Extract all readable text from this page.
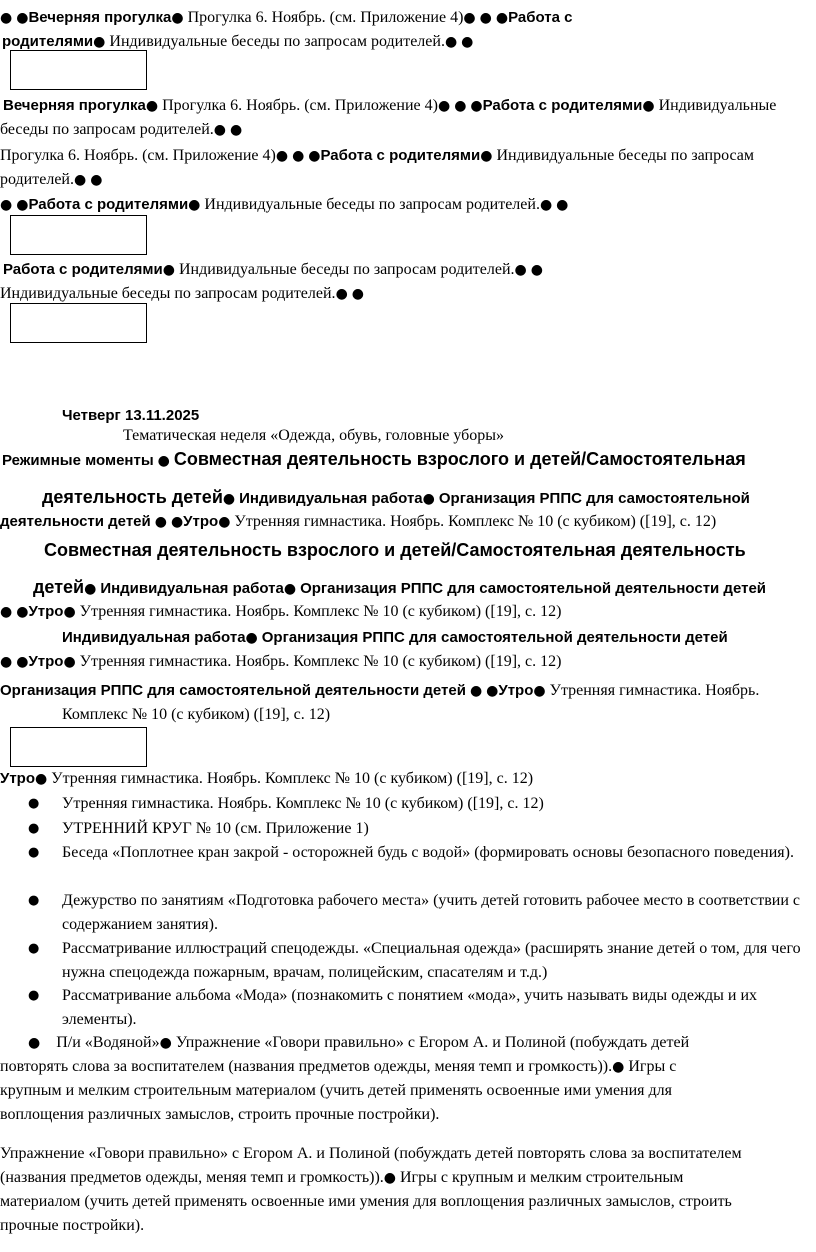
● ●Вечерняя прогулка● Прогулка 6. Ноябрь. (см. Приложение 4)● ● ●Работа с
родителями● Индивидуальные беседы по запросам родителей.● ●
Вечерняя прогулка● Прогулка 6. Ноябрь. (см. Приложение 4)● ● ●Работа с родителями● Индивидуальные
беседы по запросам родителей.● ●
Прогулка 6. Ноябрь. (см. Приложение 4)● ● ●Работа с родителями● Индивидуальные беседы по запросам
родителей.● ●
● ●Работа с родителями● Индивидуальные беседы по запросам родителей.● ●
Работа с родителями● Индивидуальные беседы по запросам родителей.● ●
Индивидуальные беседы по запросам родителей.● ●
Четверг 13.11.2025
Тематическая неделя «Одежда, обувь, головные уборы»
Режимные моменты ● Совместная деятельность взрослого и детей/Самостоятельная
деятельность детей● Индивидуальная работа● Организация РППС для самостоятельной
деятельности детей ● ●Утро● Утренняя гимнастика. Ноябрь. Комплекс № 10 (с кубиком) ([19], с. 12)
Совместная деятельность взрослого и детей/Самостоятельная деятельность
детей● Индивидуальная работа● Организация РППС для самостоятельной деятельности детей
● ●Утро● Утренняя гимнастика. Ноябрь. Комплекс № 10 (с кубиком) ([19], с. 12)
Индивидуальная работа● Организация РППС для самостоятельной деятельности детей
● ●Утро● Утренняя гимнастика. Ноябрь. Комплекс № 10 (с кубиком) ([19], с. 12)
Организация РППС для самостоятельной деятельности детей ● ●Утро● Утренняя гимнастика. Ноябрь.
Комплекс № 10 (с кубиком) ([19], с. 12)
Утро● Утренняя гимнастика. Ноябрь. Комплекс № 10 (с кубиком) ([19], с. 12)
● Утренняя гимнастика. Ноябрь. Комплекс № 10 (с кубиком) ([19], с. 12)
● УТРЕННИЙ КРУГ № 10 (см. Приложение 1)
● Беседа «Поплотнее кран закрой - осторожней будь с водой» (формировать основы безопасного поведения).
● Дежурство по занятиям «Подготовка рабочего места» (учить детей готовить рабочее место в соответствии с содержанием занятия).
● Рассматривание иллюстраций спецодежды. «Специальная одежда» (расширять знание детей о том, для чего нужна спецодежда пожарным, врачам, полицейским, спасателям и т.д.)
● Рассматривание альбома «Мода» (познакомить с понятием «мода», учить называть виды одежды и их элементы).
● П/и «Водяной»● Упражнение «Говори правильно» с Егором А. и Полиной (побуждать детей
повторять слова за воспитателем (названия предметов одежды, меняя темп и громкость)).● Игры с
крупным и мелким строительным материалом (учить детей применять освоенные ими умения для
воплощения различных замыслов, строить прочные постройки).
Упражнение «Говори правильно» с Егором А. и Полиной (побуждать детей повторять слова за воспитателем
(названия предметов одежды, меняя темп и громкость)).● Игры с крупным и мелким строительным
материалом (учить детей применять освоенные ими умения для воплощения различных замыслов, строить
прочные постройки).
